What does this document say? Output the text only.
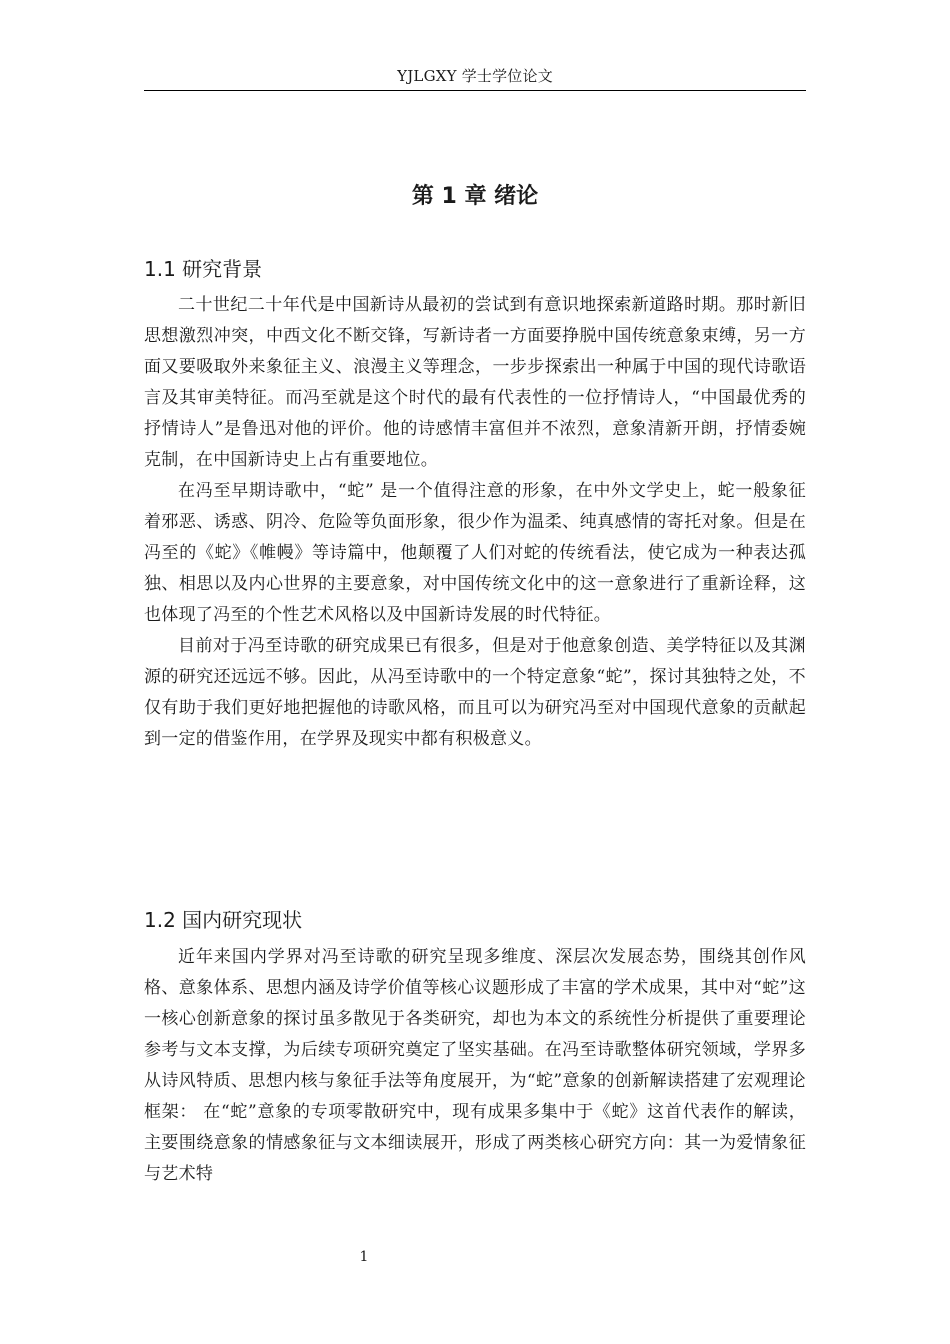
YJLGXY 学士学位论文
第 1 章 绪论
1.1 研究背景

二十世纪二十年代是中国新诗从最初的尝试到有意识地探索新道路时期。那时新旧思想激烈冲突，中西文化不断交锋，写新诗者一方面要挣脱中国传统意象束缚，另一方面又要吸取外来象征主义、浪漫主义等理念，一步步探索出一种属于中国的现代诗歌语言及其审美特征。而冯至就是这个时代的最有代表性的一位抒情诗人，“中国最优秀的抒情诗人”是鲁迅对他的评价。他的诗感情丰富但并不浓烈，意象清新开朗，抒情委婉克制，在中国新诗史上占有重要地位。

在冯至早期诗歌中，“蛇” 是一个值得注意的形象，在中外文学史上，蛇一般象征着邪恶、诱惑、阴冷、危险等负面形象，很少作为温柔、纯真感情的寄托对象。但是在冯至的《蛇》《帷幔》等诗篇中，他颠覆了人们对蛇的传统看法，使它成为一种表达孤独、相思以及内心世界的主要意象，对中国传统文化中的这一意象进行了重新诠释，这也体现了冯至的个性艺术风格以及中国新诗发展的时代特征。

目前对于冯至诗歌的研究成果已有很多，但是对于他意象创造、美学特征以及其渊源的研究还远远不够。因此，从冯至诗歌中的一个特定意象“蛇”，探讨其独特之处，不仅有助于我们更好地把握他的诗歌风格，而且可以为研究冯至对中国现代意象的贡献起到一定的借鉴作用，在学界及现实中都有积极意义。

1.2 国内研究现状

近年来国内学界对冯至诗歌的研究呈现多维度、深层次发展态势，围绕其创作风格、意象体系、思想内涵及诗学价值等核心议题形成了丰富的学术成果，其中对“蛇”这一核心创新意象的探讨虽多散见于各类研究，却也为本文的系统性分析提供了重要理论参考与文本支撑，为后续专项研究奠定了坚实基础。在冯至诗歌整体研究领域，学界多从诗风特质、思想内核与象征手法等角度展开，为“蛇”意象的创新解读搭建了宏观理论框架： 在“蛇”意象的专项零散研究中，现有成果多集中于《蛇》这首代表作的解读，主要围绕意象的情感象征与文本细读展开，形成了两类核心研究方向：其一为爱情象征与艺术特

1
